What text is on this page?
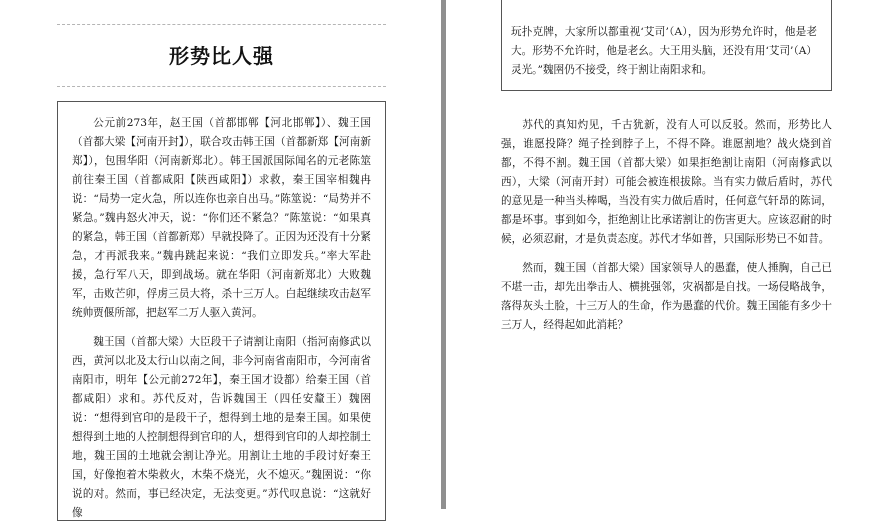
形势比人强

公元前273年，赵王国（首都邯郸【河北邯郸】）、魏王国（首都大梁【河南开封】），联合攻击韩王国（首都新郑【河南新郑】），包围华阳（河南新郑北）。韩王国派国际闻名的元老陈筮前往秦王国（首都咸阳【陕西咸阳】）求救，秦王国宰相魏冉说：“局势一定火急，所以连你也亲自出马。”陈筮说：“局势并不紧急。”魏冉怒火冲天，说：“你们还不紧急？”陈筮说：“如果真的紧急，韩王国（首都新郑）早就投降了。正因为还没有十分紧急，才再派我来。”魏冉跳起来说：“我们立即发兵。”率大军赴援，急行军八天，即到战场。就在华阳（河南新郑北）大败魏军，击败芒卯，俘虏三员大将，杀十三万人。白起继续攻击赵军统帅贾偃所部，把赵军二万人驱入黄河。

魏王国（首都大梁）大臣段干子请割让南阳（指河南修武以西，黄河以北及太行山以南之间，非今河南省南阳市，今河南省南阳市，明年【公元前272年】，秦王国才设都）给秦王国（首都咸阳）求和。苏代反对，告诉魏国王（四任安釐王）魏圉说：“想得到官印的是段干子，想得到土地的是秦王国。如果使想得到土地的人控制想得到官印的人，想得到官印的人却控制土地，魏王国的土地就会割让净光。用割让土地的手段讨好秦王国，好像抱着木柴救火，木柴不烧光，火不熄灭。”魏圉说：“你说的对。然而，事已经决定，无法变更。”苏代叹息说：“这就好像

玩扑克牌，大家所以都重视‘艾司’（A），因为形势允许时，他是老大。形势不允许时，他是老幺。大王用头脑，还没有用‘艾司’（A）灵光。”魏圉仍不接受，终于割让南阳求和。

苏代的真知灼见，千古犹新，没有人可以反驳。然而，形势比人强，谁愿投降？绳子拴到脖子上，不得不降。谁愿割地？战火烧到首都，不得不割。魏王国（首都大梁）如果拒绝割让南阳（河南修武以西），大梁（河南开封）可能会被连根拔除。当有实力做后盾时，苏代的意见是一种当头棒喝，当没有实力做后盾时，任何意气轩昂的陈词，都是坏事。事到如今，拒绝割让比承诺割让的伤害更大。应该忍耐的时候，必须忍耐，才是负责态度。苏代才华如普，只国际形势已不如昔。

然而，魏王国（首都大梁）国家领导人的愚蠢，使人捶胸，自己已不堪一击，却先出拳击人、横挑强邻，灾祸都是自找。一场侵略战争，落得灰头土脸，十三万人的生命，作为愚蠢的代价。魏王国能有多少十三万人，经得起如此消耗？
